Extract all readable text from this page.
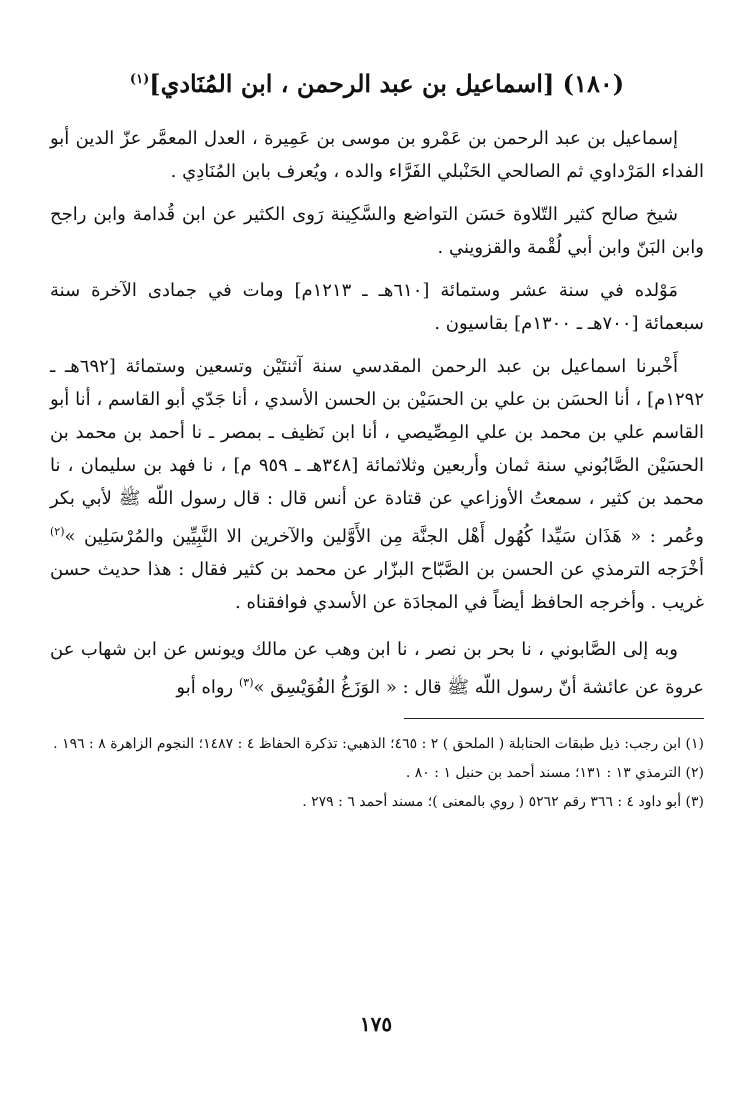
(١٨٠) [اسماعيل بن عبد الرحمن ، ابن المُنَادي]$^{(١)}$

إسماعيل بن عبد الرحمن بن عَمْرو بن موسى بن عَمِيرة ، العدل المعمَّر عزّ الدين أبو الفداء المَرْداوي ثم الصالحي الحَنْبلي الفَرَّاء والده ، ويُعرف بابن المُنَادِي .

شيخ صالح كثير التّلاوة حَسَن التواضع والسَّكِينة رَوى الكثير عن ابن قُدامة وابن راجح وابن البَنّ وابن أبي لُقْمة والقزويني .

مَوْلده في سنة عشر وستمائة [٦١٠هـ ـ ١٢١٣م] ومات في جمادى الآخرة سنة سبعمائة [٧٠٠هـ ـ ١٣٠٠م] بقاسيون .

أَخْبرنا اسماعيل بن عبد الرحمن المقدسي سنة آثنتَيْن وتسعين وستمائة [٦٩٢هـ ـ ١٢٩٢م] ، أنا الحسَن بن علي بن الحسَيْن بن الحسن الأسدي ، أنا جَدّي أبو القاسم ، أنا أبو القاسم علي بن محمد بن علي المِصِّيصي ، أنا ابن نَظيف ـ بمصر ـ نا أحمد بن محمد بن الحسَيْن الصَّابُوني سنة ثمان وأربعين وثلاثمائة [٣٤٨هـ ـ ٩٥٩ م] ، نا فهد بن سليمان ، نا محمد بن كثير ، سمعتُ الأوزاعي عن قتادة عن أنس قال : قال رسول اللّه ﷺ لأبي بكر وعُمر : « هَذَان سَيِّدا كُهُول أَهْل الجنَّة مِن الأَوَّلين والآخرين الا النَّبِيِّين والمُرْسَلِين »$^{(٢)}$ أخْرَجه الترمذي عن الحسن بن الصَّبّاح البزّار عن محمد بن كثير فقال : هذا حديث حسن غريب . وأخرجه الحافظ أيضاً في المجادَة عن الأسدي فوافقناه .

وبه إلى الصَّابوني ، نا بحر بن نصر ، نا ابن وهب عن مالك ويونس عن ابن شهاب عن عروة عن عائشة أنّ رسول اللّه ﷺ قال : « الوَزَغُ الفُوَيْسِق »$^{(٣)}$ رواه أبو

(١) ابن رجب: ذيل طبقات الحنابلة ( الملحق ) ٢ : ٤٦٥؛ الذهبي: تذكرة الحفاظ ٤ : ١٤٨٧؛ النجوم الزاهرة ٨ : ١٩٦ .

(٢) الترمذي ١٣ : ١٣١؛ مسند أحمد بن حنبل ١ : ٨٠ .

(٣) أبو داود ٤ : ٣٦٦ رقم ٥٢٦٢ ( روي بالمعنى )؛ مسند أحمد ٦ : ٢٧٩ .

١٧٥
